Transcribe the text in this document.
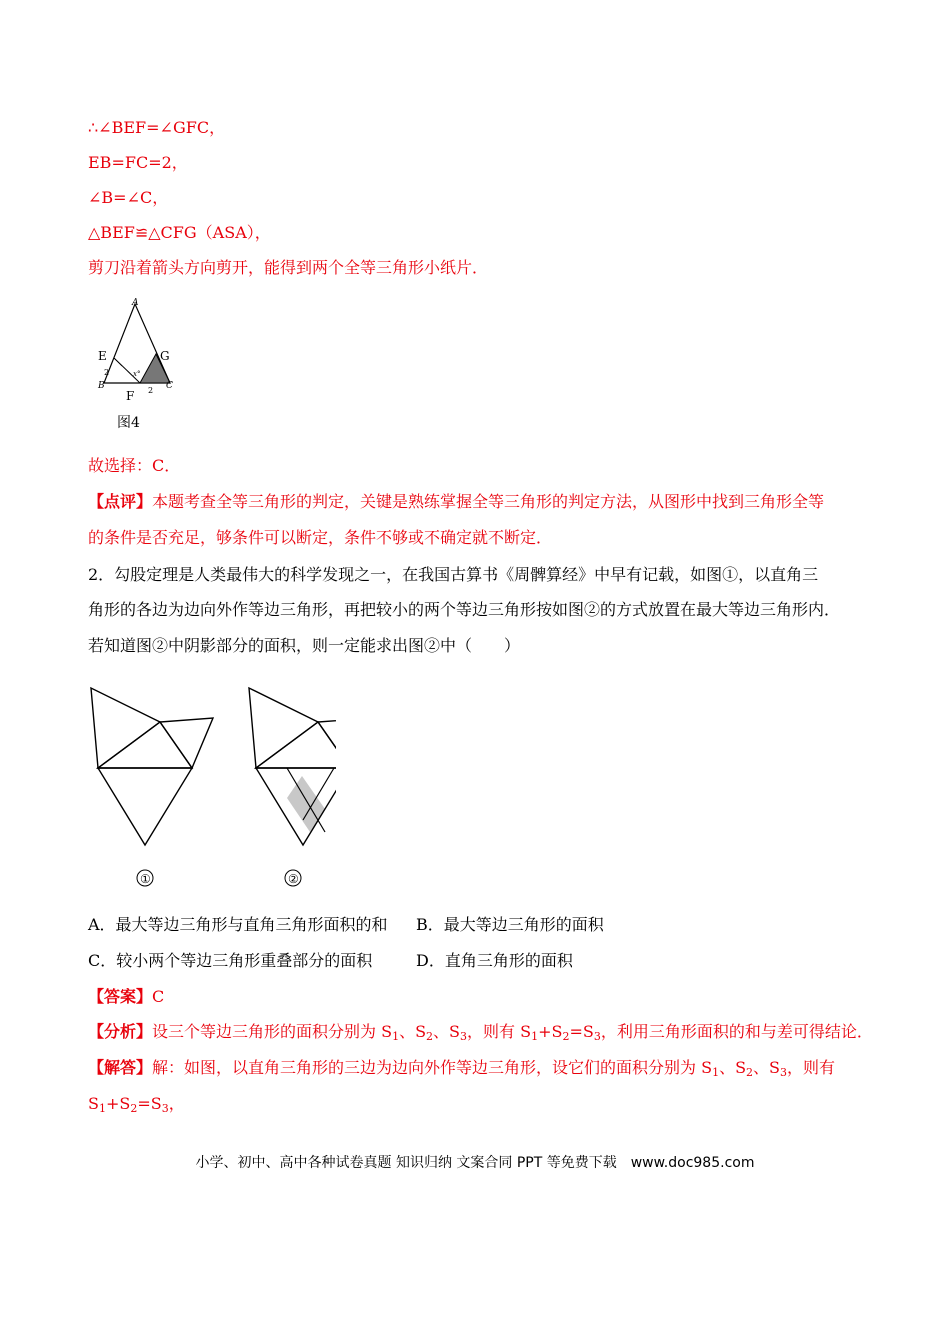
∴∠BEF=∠GFC，
EB=FC=2，
∠B=∠C，
△BEF≌△CFG（ASA），
剪刀沿着箭头方向剪开，能得到两个全等三角形小纸片．
A
E	G
B
F
C
2
2
x°
图4
故选择：C．
【点评】本题考查全等三角形的判定，关键是熟练掌握全等三角形的判定方法，从图形中找到三角形全等
的条件是否充足，够条件可以断定，条件不够或不确定就不断定．
2．勾股定理是人类最伟大的科学发现之一，在我国古算书《周髀算经》中早有记载，如图①，以直角三
角形的各边为边向外作等边三角形，再把较小的两个等边三角形按如图②的方式放置在最大等边三角形内．
若知道图②中阴影部分的面积，则一定能求出图②中（　　）
①	②
A．最大等边三角形与直角三角形面积的和 B．最大等边三角形的面积
C．较小两个等边三角形重叠部分的面积	D．直角三角形的面积
【答案】C
【分析】设三个等边三角形的面积分别为 $S_1$、$S_2$、$S_3$，则有 $S_1+S_2=S_3$，利用三角形面积的和与差可得结论．
【解答】解：如图，以直角三角形的三边为边向外作等边三角形，设它们的面积分别为 $S_1$、$S_2$、$S_3$，则有
$S_1+S_2=S_3$，
小学、初中、高中各种试卷真题 知识归纳 文案合同 PPT 等免费下载　www.doc985.com
